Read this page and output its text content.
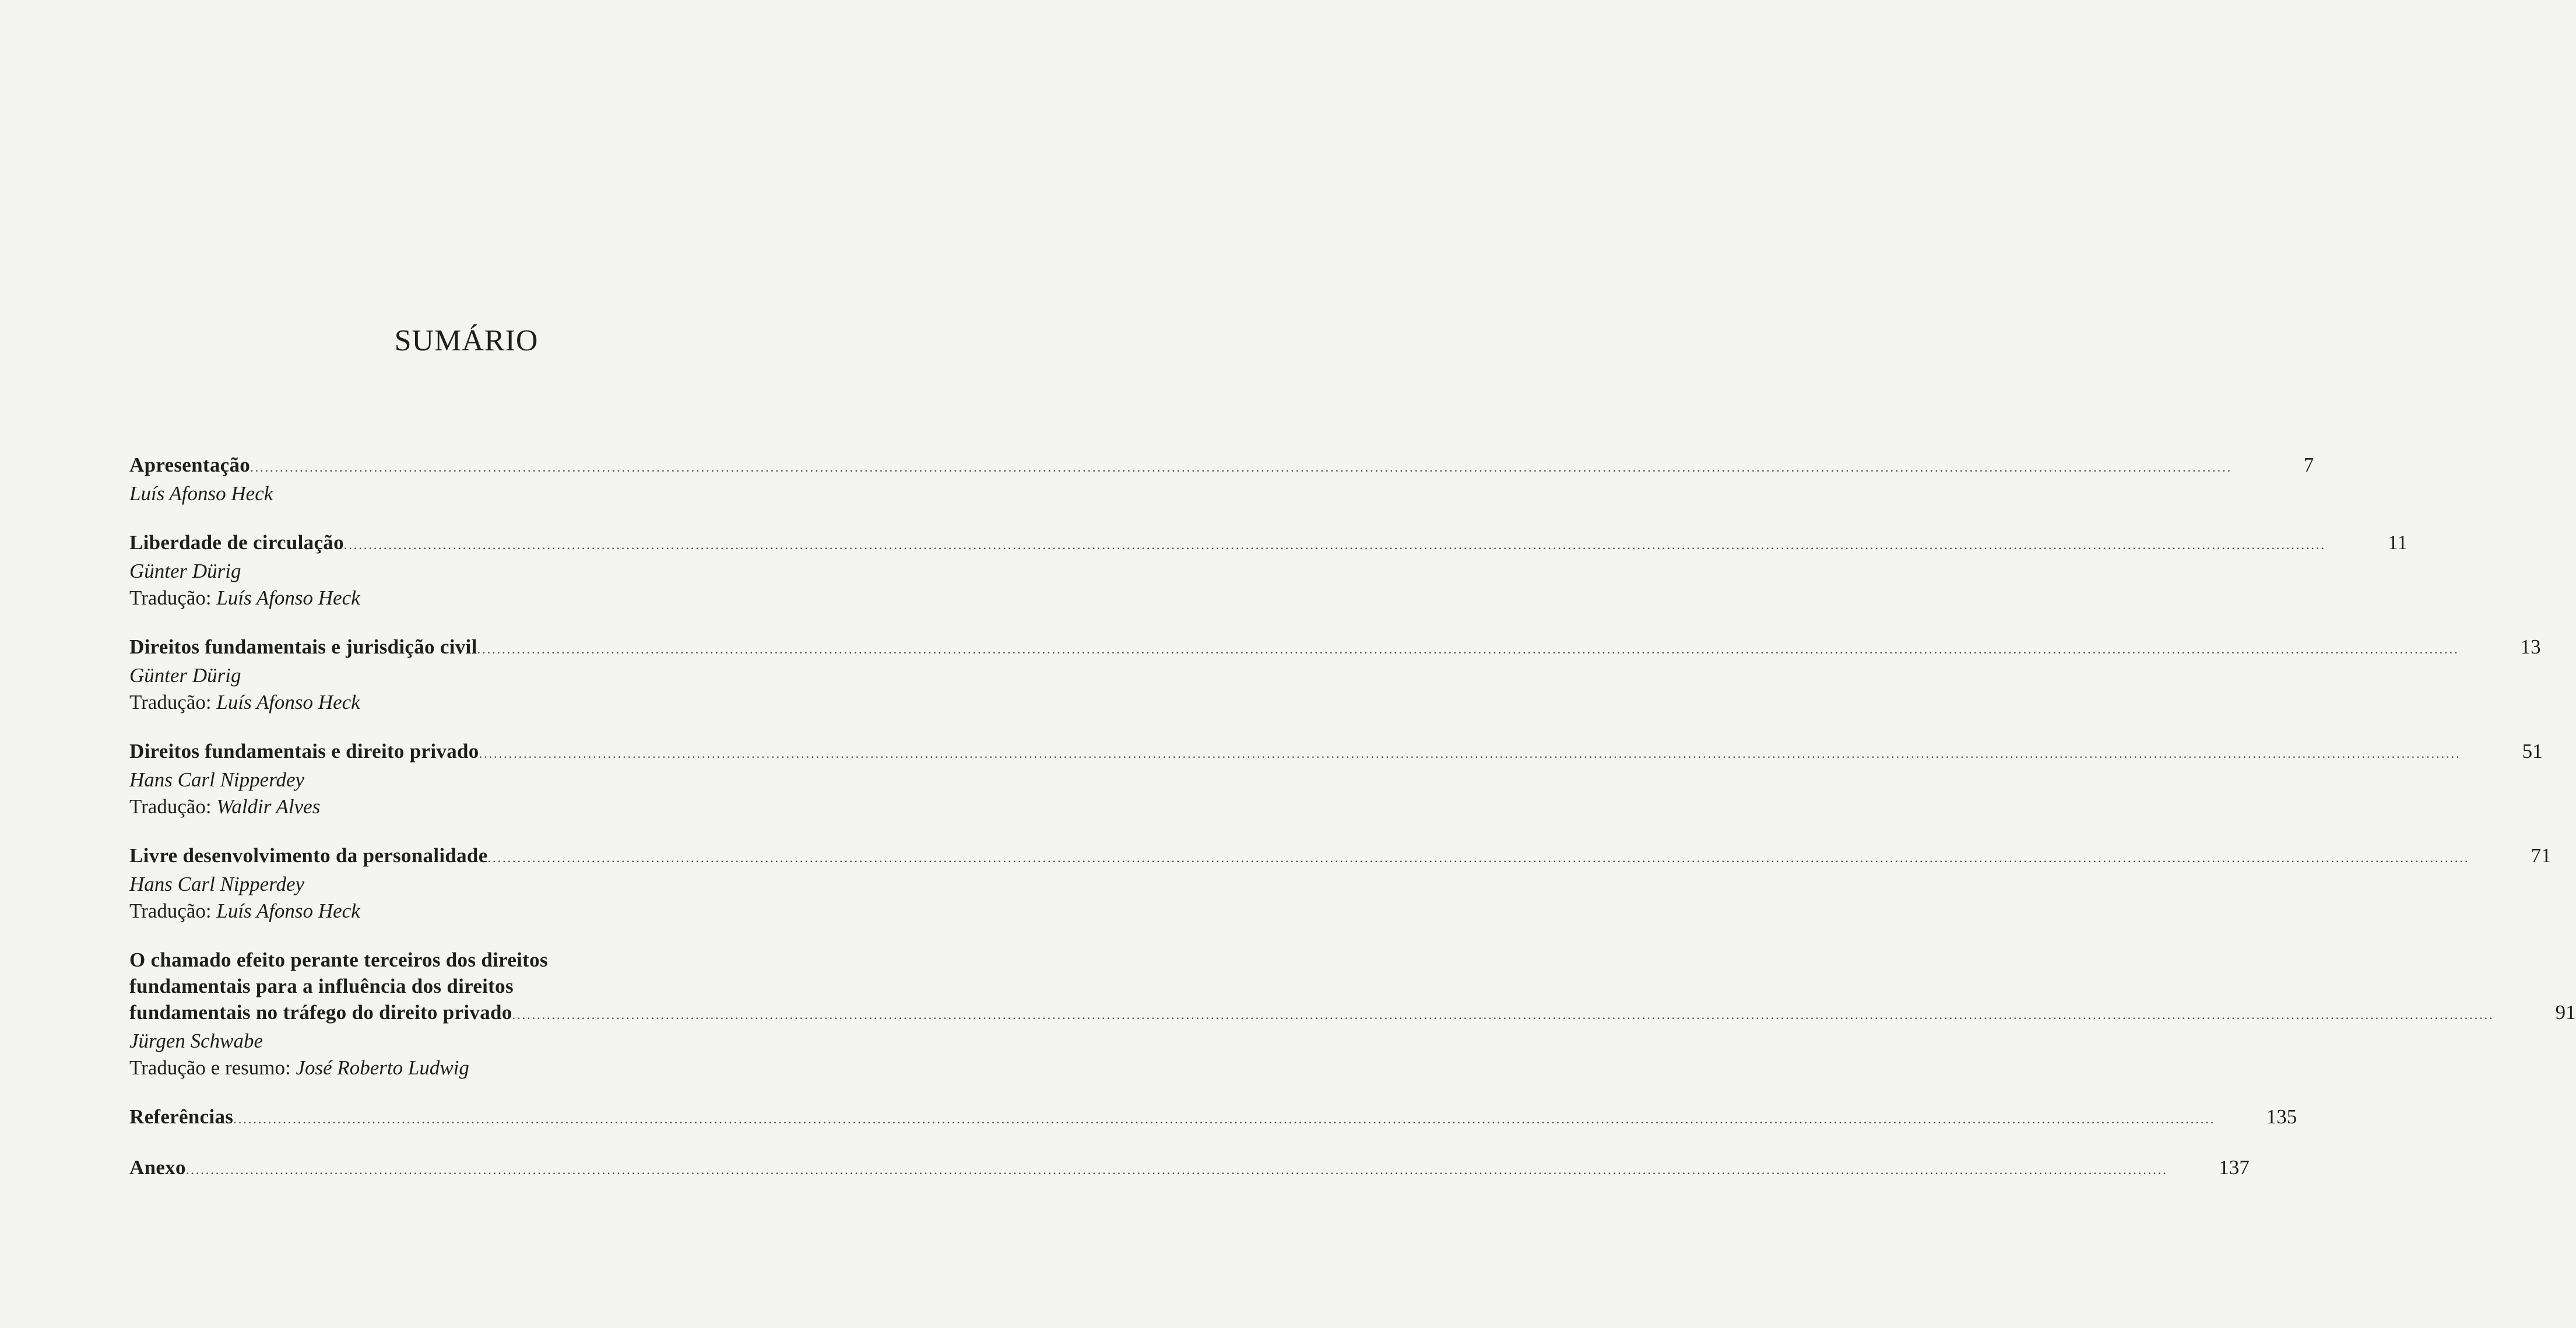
SUMÁRIO
Apresentação ................................................................................................................................................................................................................................................................................................................................................................................................................	7
Luís Afonso Heck
Liberdade de circulação ................................................................................................................................................................................................................................................................................................................................................................................................................	11
Günter Dürig
Tradução: Luís Afonso Heck
Direitos fundamentais e jurisdição civil ................................................................................................................................................................................................................................................................................................................................................................................................................	13
Günter Dürig
Tradução: Luís Afonso Heck
Direitos fundamentais e direito privado ................................................................................................................................................................................................................................................................................................................................................................................................................	51
Hans Carl Nipperdey
Tradução: Waldir Alves
Livre desenvolvimento da personalidade ................................................................................................................................................................................................................................................................................................................................................................................................................	71
Hans Carl Nipperdey
Tradução: Luís Afonso Heck
O chamado efeito perante terceiros dos direitos
fundamentais para a influência dos direitos
fundamentais no tráfego do direito privado ................................................................................................................................................................................................................................................................................................................................................................................................................	91
Jürgen Schwabe
Tradução e resumo: José Roberto Ludwig
Referências ................................................................................................................................................................................................................................................................................................................................................................................................................	135
Anexo ................................................................................................................................................................................................................................................................................................................................................................................................................	137
